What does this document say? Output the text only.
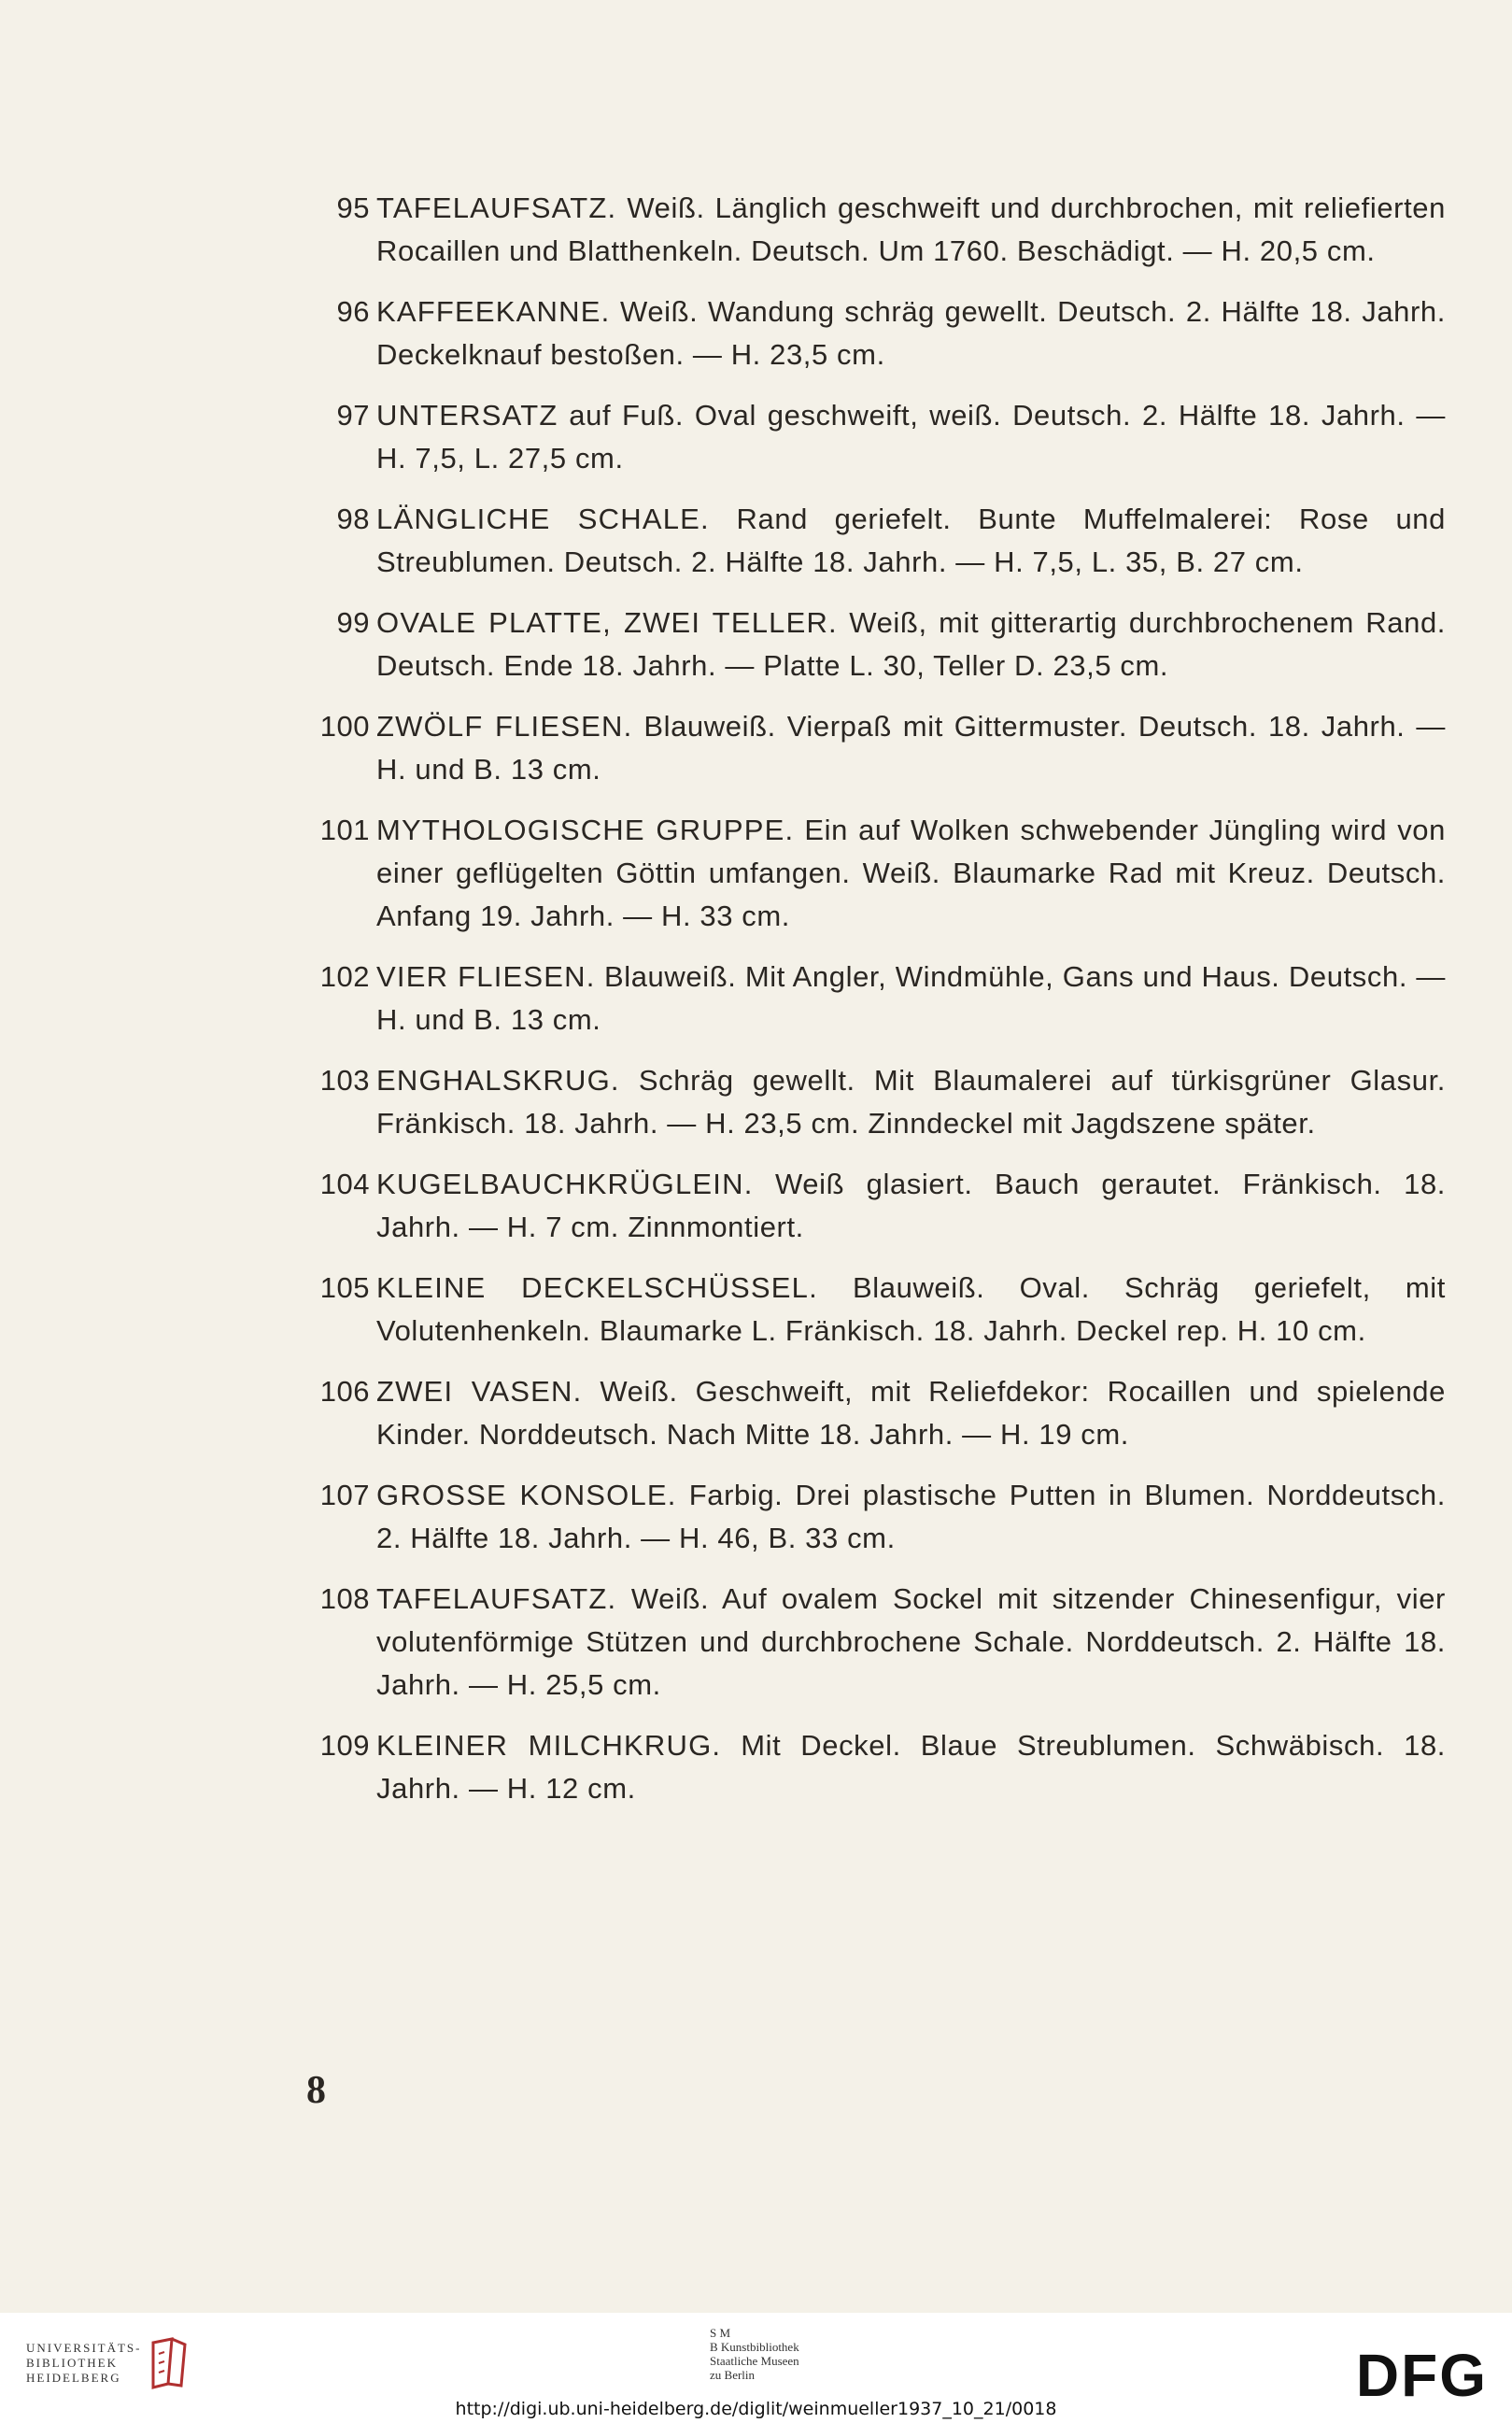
95 TAFELAUFSATZ. Weiß. Länglich geschweift und durchbrochen, mit reliefierten Rocaillen und Blatthenkeln. Deutsch. Um 1760. Beschädigt. — H. 20,5 cm.
96 KAFFEEKANNE. Weiß. Wandung schräg gewellt. Deutsch. 2. Hälfte 18. Jahrh. Deckelknauf bestoßen. — H. 23,5 cm.
97 UNTERSATZ auf Fuß. Oval geschweift, weiß. Deutsch. 2. Hälfte 18. Jahrh. — H. 7,5, L. 27,5 cm.
98 LÄNGLICHE SCHALE. Rand geriefelt. Bunte Muffelmalerei: Rose und Streublumen. Deutsch. 2. Hälfte 18. Jahrh. — H. 7,5, L. 35, B. 27 cm.
99 OVALE PLATTE, ZWEI TELLER. Weiß, mit gitterartig durchbrochenem Rand. Deutsch. Ende 18. Jahrh. — Platte L. 30, Teller D. 23,5 cm.
100 ZWÖLF FLIESEN. Blauweiß. Vierpaß mit Gittermuster. Deutsch. 18. Jahrh. — H. und B. 13 cm.
101 MYTHOLOGISCHE GRUPPE. Ein auf Wolken schwebender Jüngling wird von einer geflügelten Göttin umfangen. Weiß. Blaumarke Rad mit Kreuz. Deutsch. Anfang 19. Jahrh. — H. 33 cm.
102 VIER FLIESEN. Blauweiß. Mit Angler, Windmühle, Gans und Haus. Deutsch. — H. und B. 13 cm.
103 ENGHALSKRUG. Schräg gewellt. Mit Blaumalerei auf türkisgrüner Glasur. Fränkisch. 18. Jahrh. — H. 23,5 cm. Zinndeckel mit Jagdszene später.
104 KUGELBAUCHKRÜGLEIN. Weiß glasiert. Bauch gerautet. Fränkisch. 18. Jahrh. — H. 7 cm. Zinnmontiert.
105 KLEINE DECKELSCHÜSSEL. Blauweiß. Oval. Schräg geriefelt, mit Volutenhenkeln. Blaumarke L. Fränkisch. 18. Jahrh. Deckel rep. H. 10 cm.
106 ZWEI VASEN. Weiß. Geschweift, mit Reliefdekor: Rocaillen und spielende Kinder. Norddeutsch. Nach Mitte 18. Jahrh. — H. 19 cm.
107 GROSSE KONSOLE. Farbig. Drei plastische Putten in Blumen. Norddeutsch. 2. Hälfte 18. Jahrh. — H. 46, B. 33 cm.
108 TAFELAUFSATZ. Weiß. Auf ovalem Sockel mit sitzender Chinesenfigur, vier volutenförmige Stützen und durchbrochene Schale. Norddeutsch. 2. Hälfte 18. Jahrh. — H. 25,5 cm.
109 KLEINER MILCHKRUG. Mit Deckel. Blaue Streublumen. Schwäbisch. 18. Jahrh. — H. 12 cm.
8
UNIVERSITÄTS-
BIBLIOTHEK
HEIDELBERG
S M
B Kunstbibliothek
Staatliche Museen
zu Berlin	DFG
http://digi.ub.uni-heidelberg.de/diglit/weinmueller1937_10_21/0018
